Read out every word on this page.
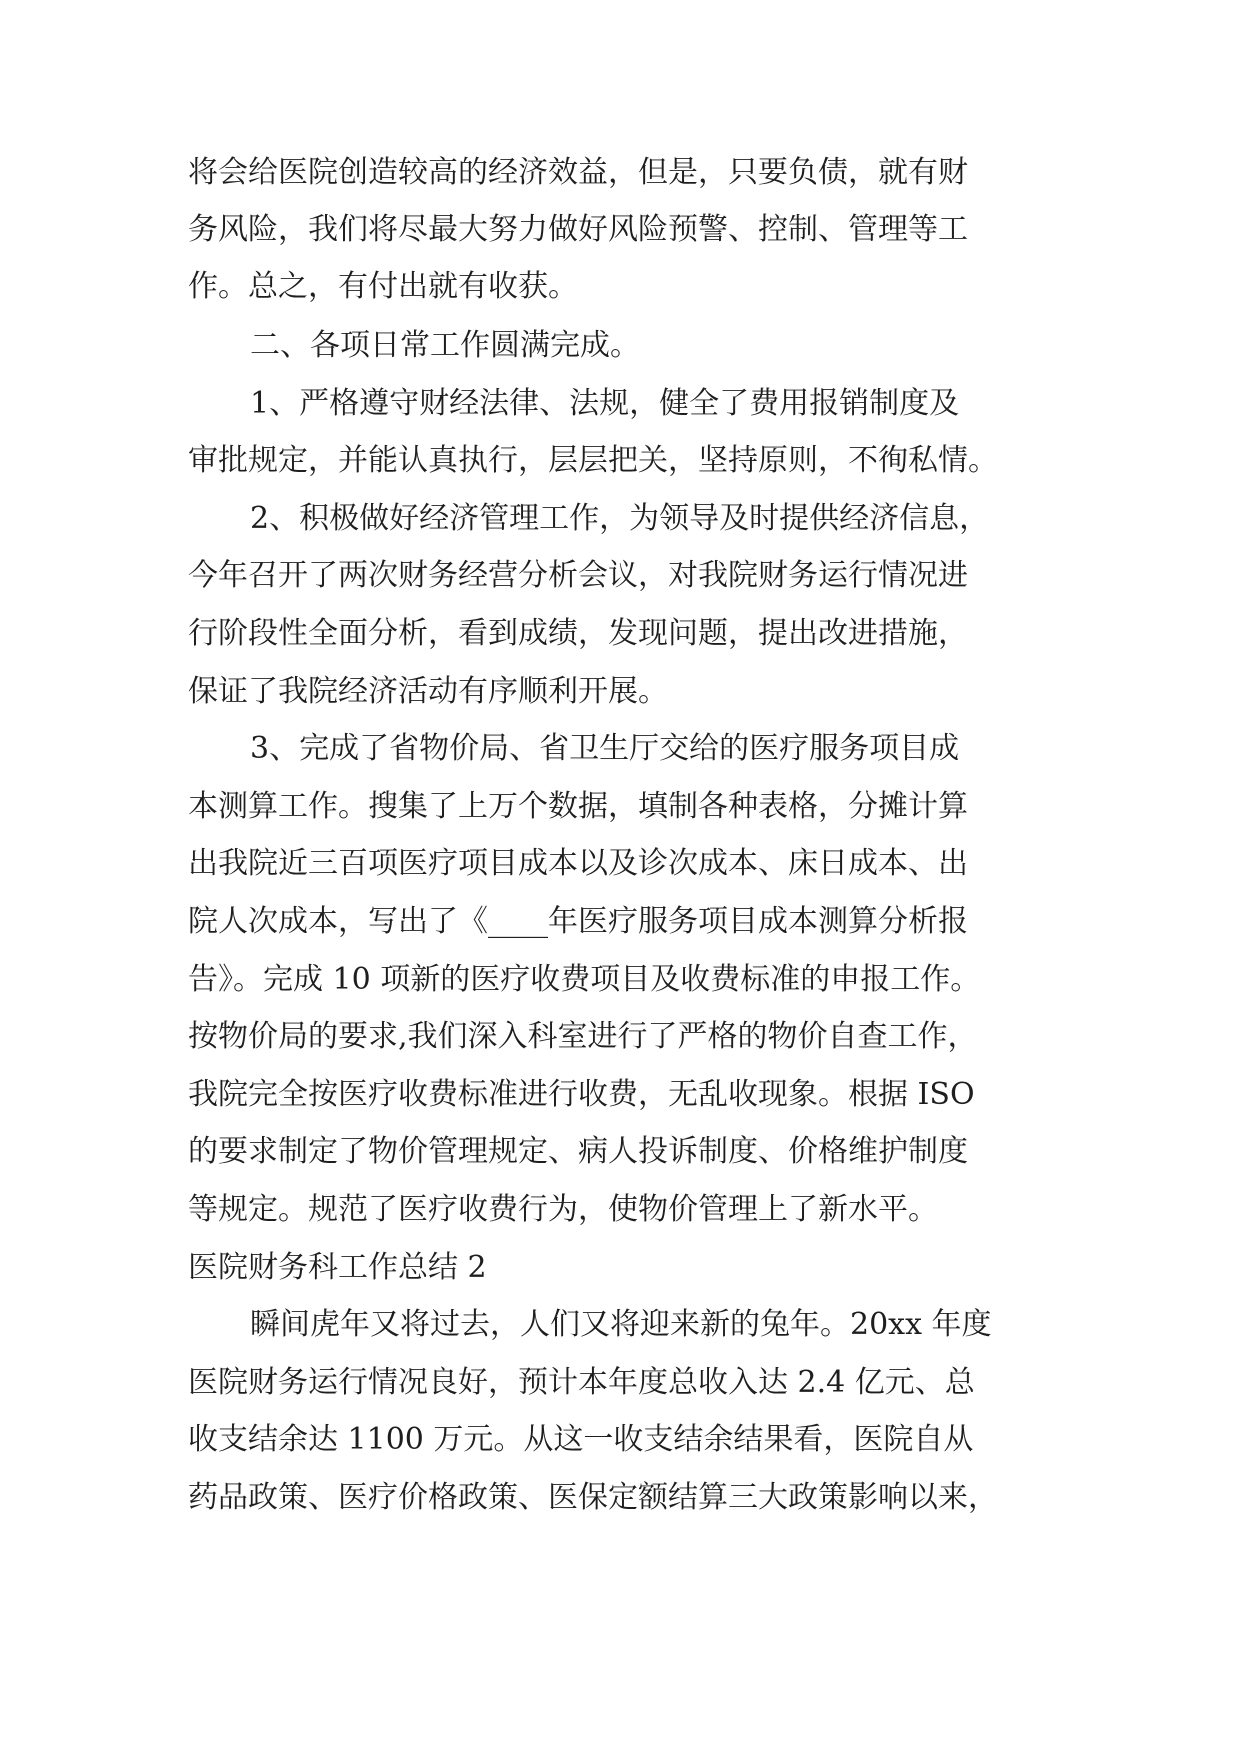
将会给医院创造较高的经济效益，但是，只要负债，就有财
务风险，我们将尽最大努力做好风险预警、控制、管理等工
作。总之，有付出就有收获。
二、各项日常工作圆满完成。
1、严格遵守财经法律、法规，健全了费用报销制度及
审批规定，并能认真执行，层层把关，坚持原则，不徇私情。
2、积极做好经济管理工作，为领导及时提供经济信息，
今年召开了两次财务经营分析会议，对我院财务运行情况进
行阶段性全面分析，看到成绩，发现问题，提出改进措施，
保证了我院经济活动有序顺利开展。
3、完成了省物价局、省卫生厅交给的医疗服务项目成
本测算工作。搜集了上万个数据，填制各种表格，分摊计算
出我院近三百项医疗项目成本以及诊次成本、床日成本、出
院人次成本，写出了《____年医疗服务项目成本测算分析报
告》。完成 10 项新的医疗收费项目及收费标准的申报工作。
按物价局的要求,我们深入科室进行了严格的物价自查工作，
我院完全按医疗收费标准进行收费，无乱收现象。根据 ISO
的要求制定了物价管理规定、病人投诉制度、价格维护制度
等规定。规范了医疗收费行为，使物价管理上了新水平。
医院财务科工作总结 2
瞬间虎年又将过去，人们又将迎来新的兔年。20xx 年度
医院财务运行情况良好，预计本年度总收入达 2.4 亿元、总
收支结余达 1100 万元。从这一收支结余结果看，医院自从
药品政策、医疗价格政策、医保定额结算三大政策影响以来，
